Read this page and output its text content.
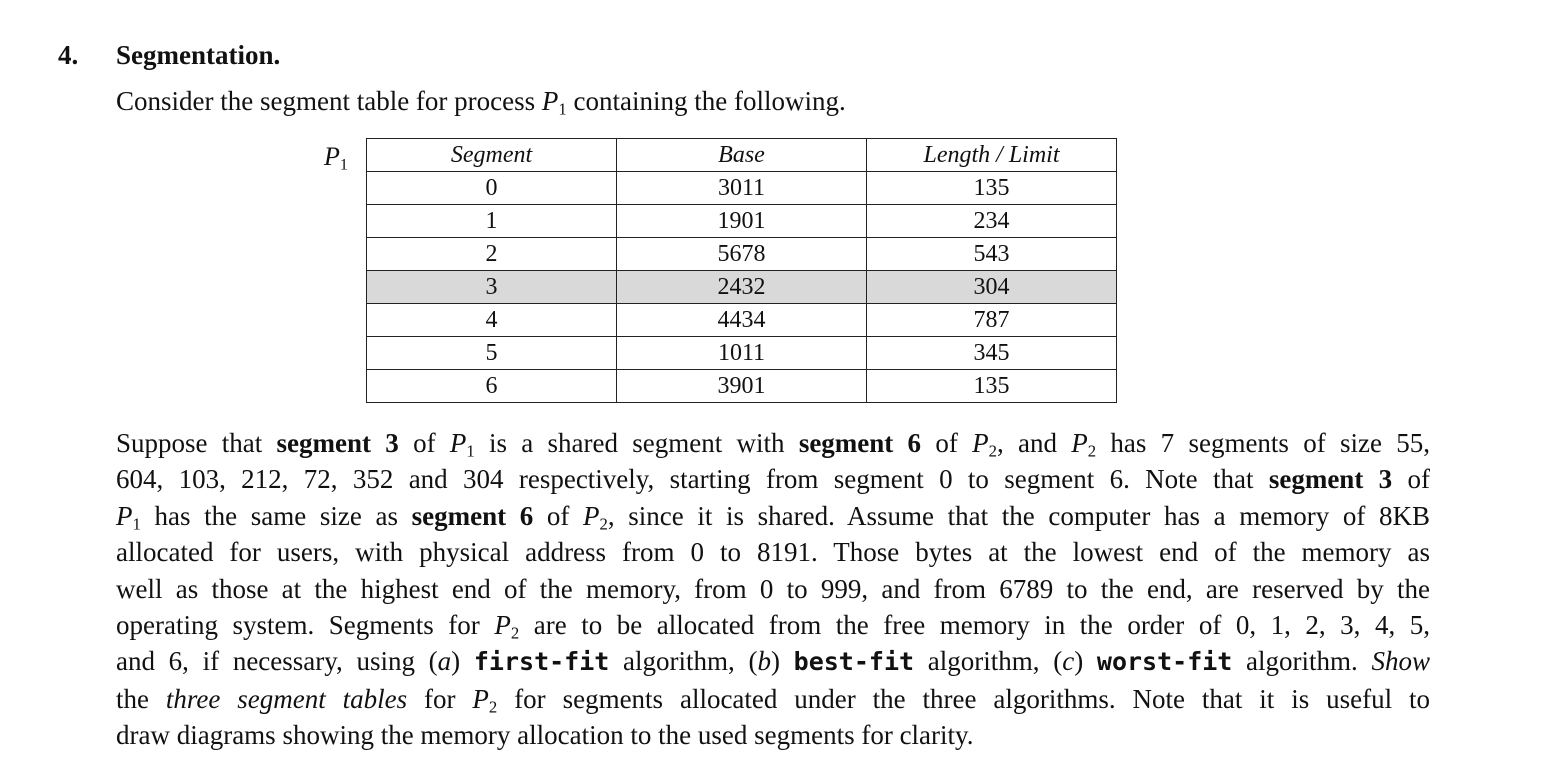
4. Segmentation.
Consider the segment table for process $P_1$ containing the following.
$P_1$	Segment	Base	Length / Limit
0	3011	135
1	1901	234
2	5678	543
3	2432	304
4	4434	787
5	1011	345
6	3901	135
Suppose that segment 3 of $P_1$ is a shared segment with segment 6 of $P_2$, and $P_2$ has 7 segments of size 55,
604, 103, 212, 72, 352 and 304 respectively, starting from segment 0 to segment 6. Note that segment 3 of
$P_1$ has the same size as segment 6 of $P_2$, since it is shared. Assume that the computer has a memory of 8KB
allocated for users, with physical address from 0 to 8191. Those bytes at the lowest end of the memory as
well as those at the highest end of the memory, from 0 to 999, and from 6789 to the end, are reserved by the
operating system. Segments for $P_2$ are to be allocated from the free memory in the order of 0, 1, 2, 3, 4, 5,
and 6, if necessary, using (a) first-fit algorithm, (b) best-fit algorithm, (c) worst-fit algorithm. Show
the three segment tables for $P_2$ for segments allocated under the three algorithms. Note that it is useful to
draw diagrams showing the memory allocation to the used segments for clarity.
